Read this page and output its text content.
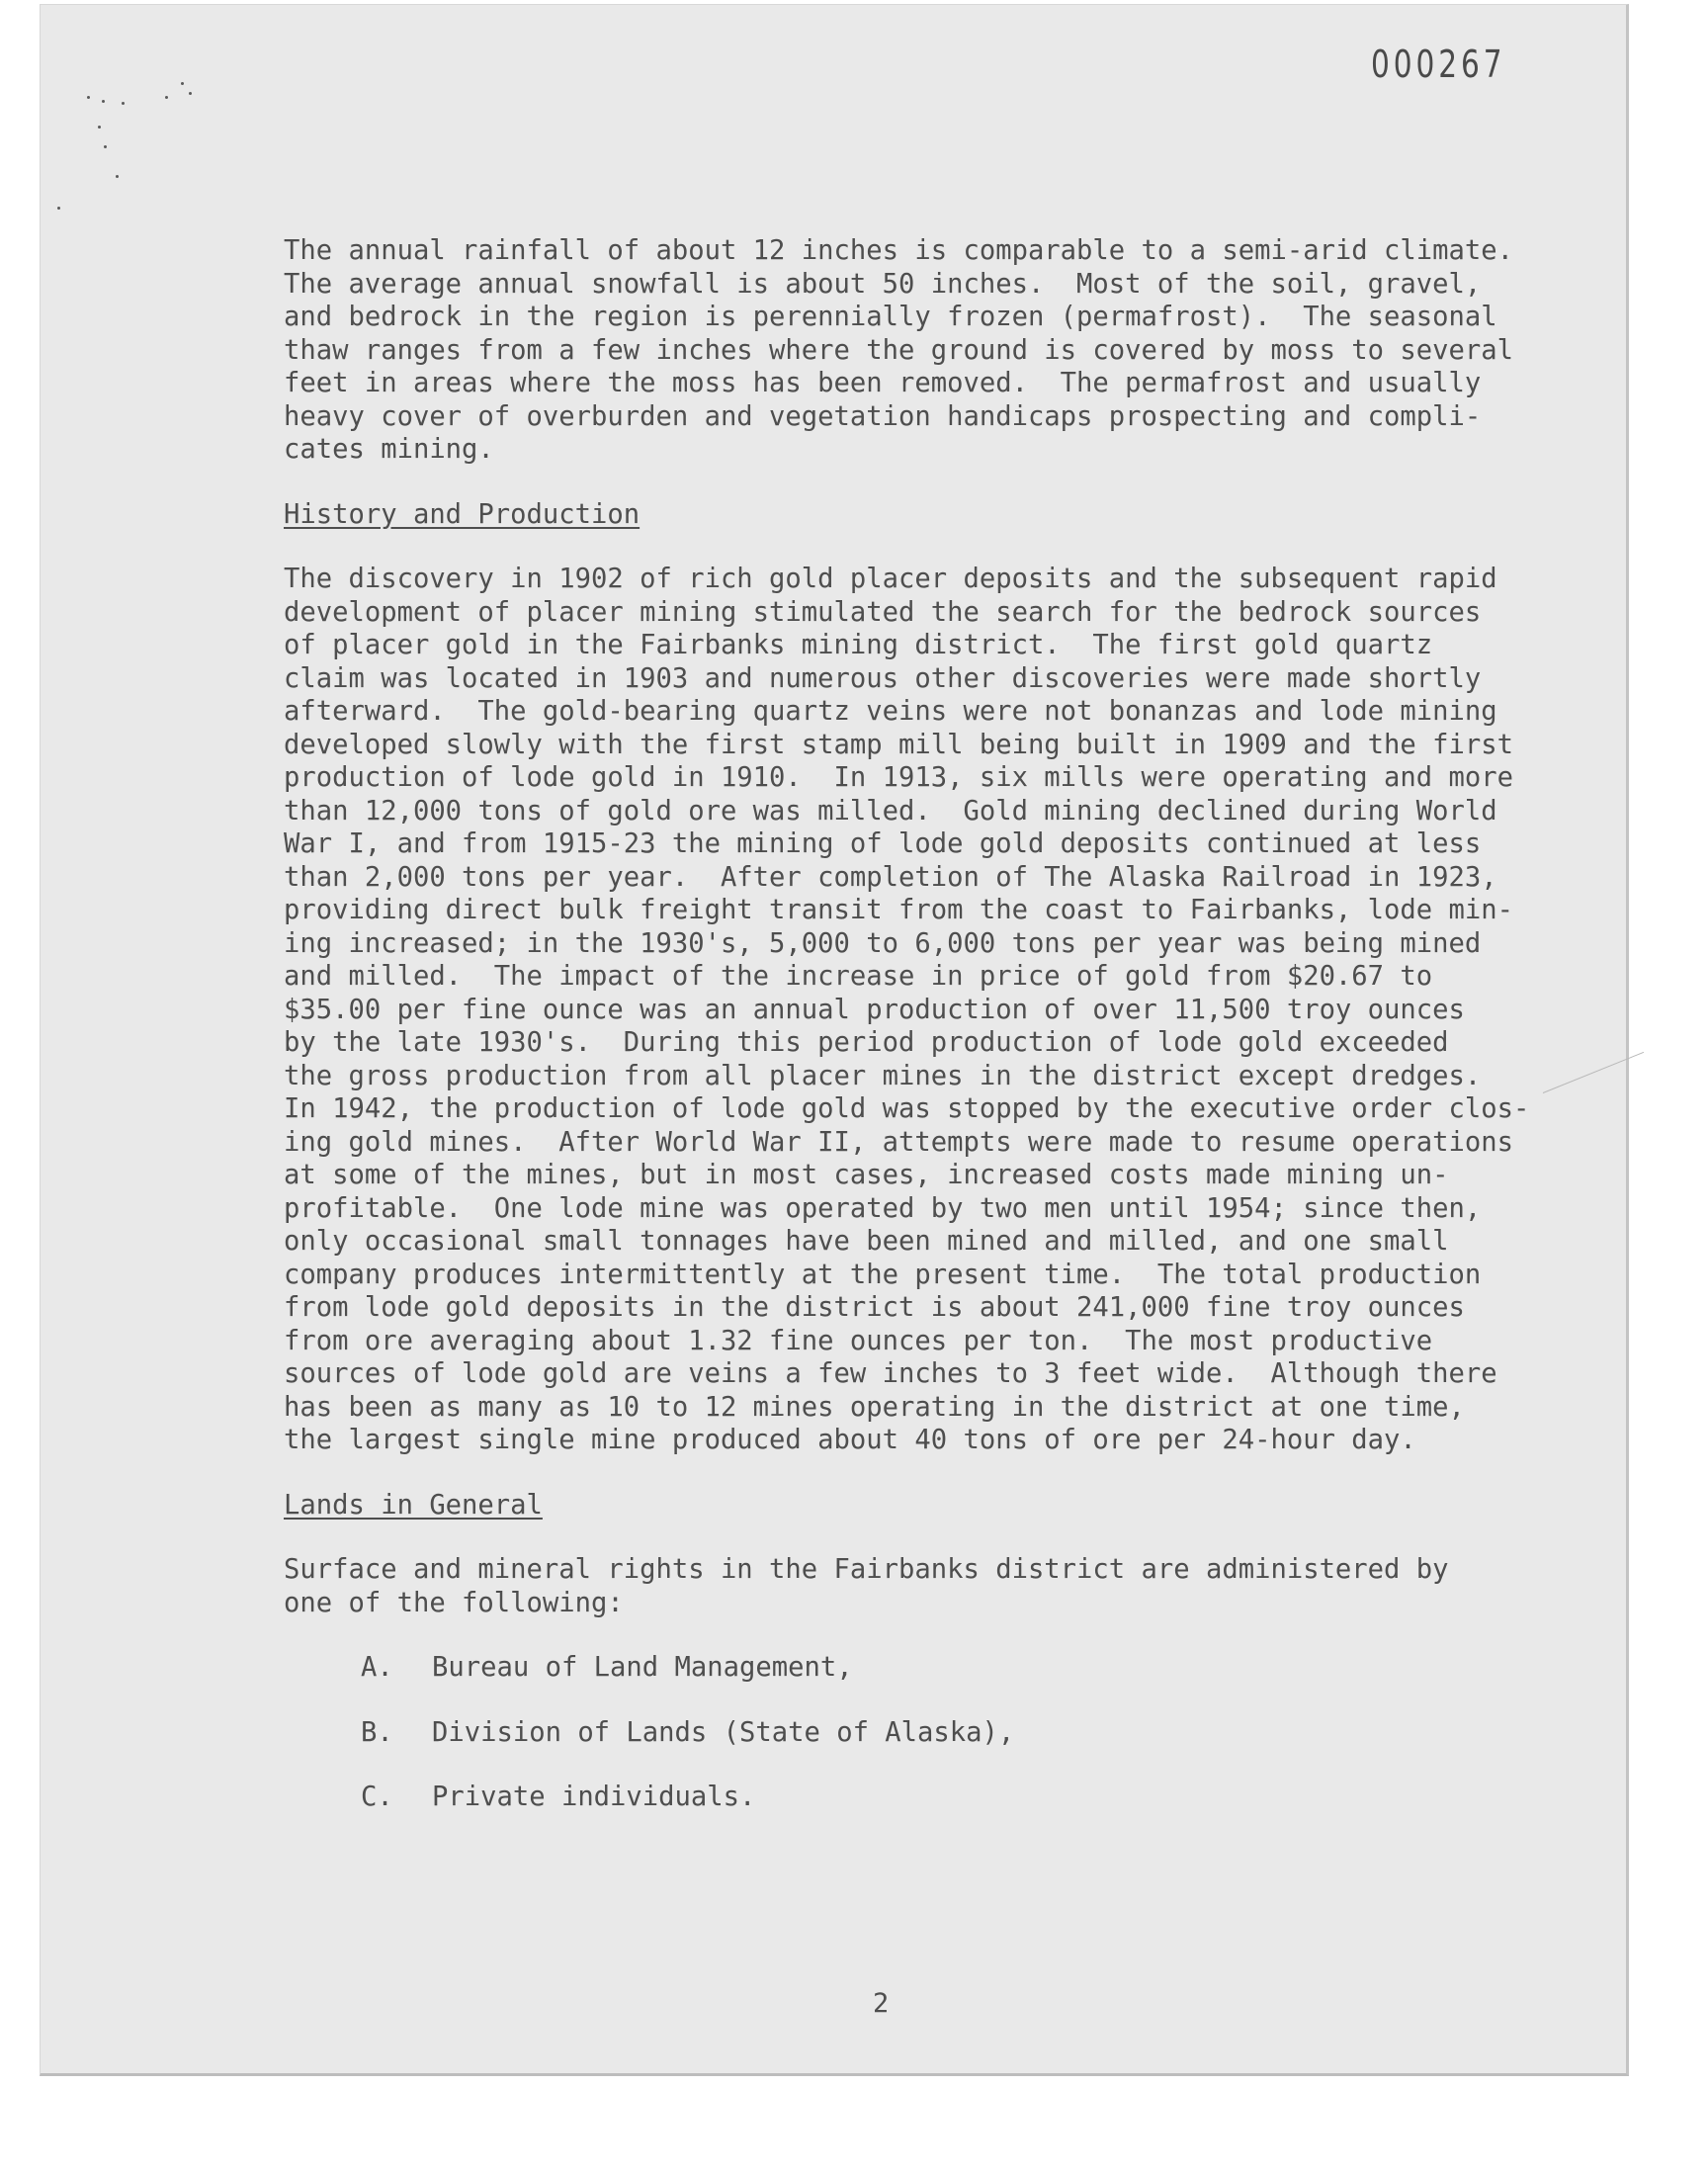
000267

The annual rainfall of about 12 inches is comparable to a semi-arid climate.
The average annual snowfall is about 50 inches.  Most of the soil, gravel,
and bedrock in the region is perennially frozen (permafrost).  The seasonal
thaw ranges from a few inches where the ground is covered by moss to several
feet in areas where the moss has been removed.  The permafrost and usually
heavy cover of overburden and vegetation handicaps prospecting and compli-
cates mining.

History and Production

The discovery in 1902 of rich gold placer deposits and the subsequent rapid
development of placer mining stimulated the search for the bedrock sources
of placer gold in the Fairbanks mining district.  The first gold quartz
claim was located in 1903 and numerous other discoveries were made shortly
afterward.  The gold-bearing quartz veins were not bonanzas and lode mining
developed slowly with the first stamp mill being built in 1909 and the first
production of lode gold in 1910.  In 1913, six mills were operating and more
than 12,000 tons of gold ore was milled.  Gold mining declined during World
War I, and from 1915-23 the mining of lode gold deposits continued at less
than 2,000 tons per year.  After completion of The Alaska Railroad in 1923,
providing direct bulk freight transit from the coast to Fairbanks, lode min-
ing increased; in the 1930's, 5,000 to 6,000 tons per year was being mined
and milled.  The impact of the increase in price of gold from $20.67 to
$35.00 per fine ounce was an annual production of over 11,500 troy ounces
by the late 1930's.  During this period production of lode gold exceeded
the gross production from all placer mines in the district except dredges.
In 1942, the production of lode gold was stopped by the executive order clos-
ing gold mines.  After World War II, attempts were made to resume operations
at some of the mines, but in most cases, increased costs made mining un-
profitable.  One lode mine was operated by two men until 1954; since then,
only occasional small tonnages have been mined and milled, and one small
company produces intermittently at the present time.  The total production
from lode gold deposits in the district is about 241,000 fine troy ounces
from ore averaging about 1.32 fine ounces per ton.  The most productive
sources of lode gold are veins a few inches to 3 feet wide.  Although there
has been as many as 10 to 12 mines operating in the district at one time,
the largest single mine produced about 40 tons of ore per 24-hour day.

Lands in General

Surface and mineral rights in the Fairbanks district are administered by
one of the following:

A. Bureau of Land Management,
B. Division of Lands (State of Alaska),
C. Private individuals.
2
